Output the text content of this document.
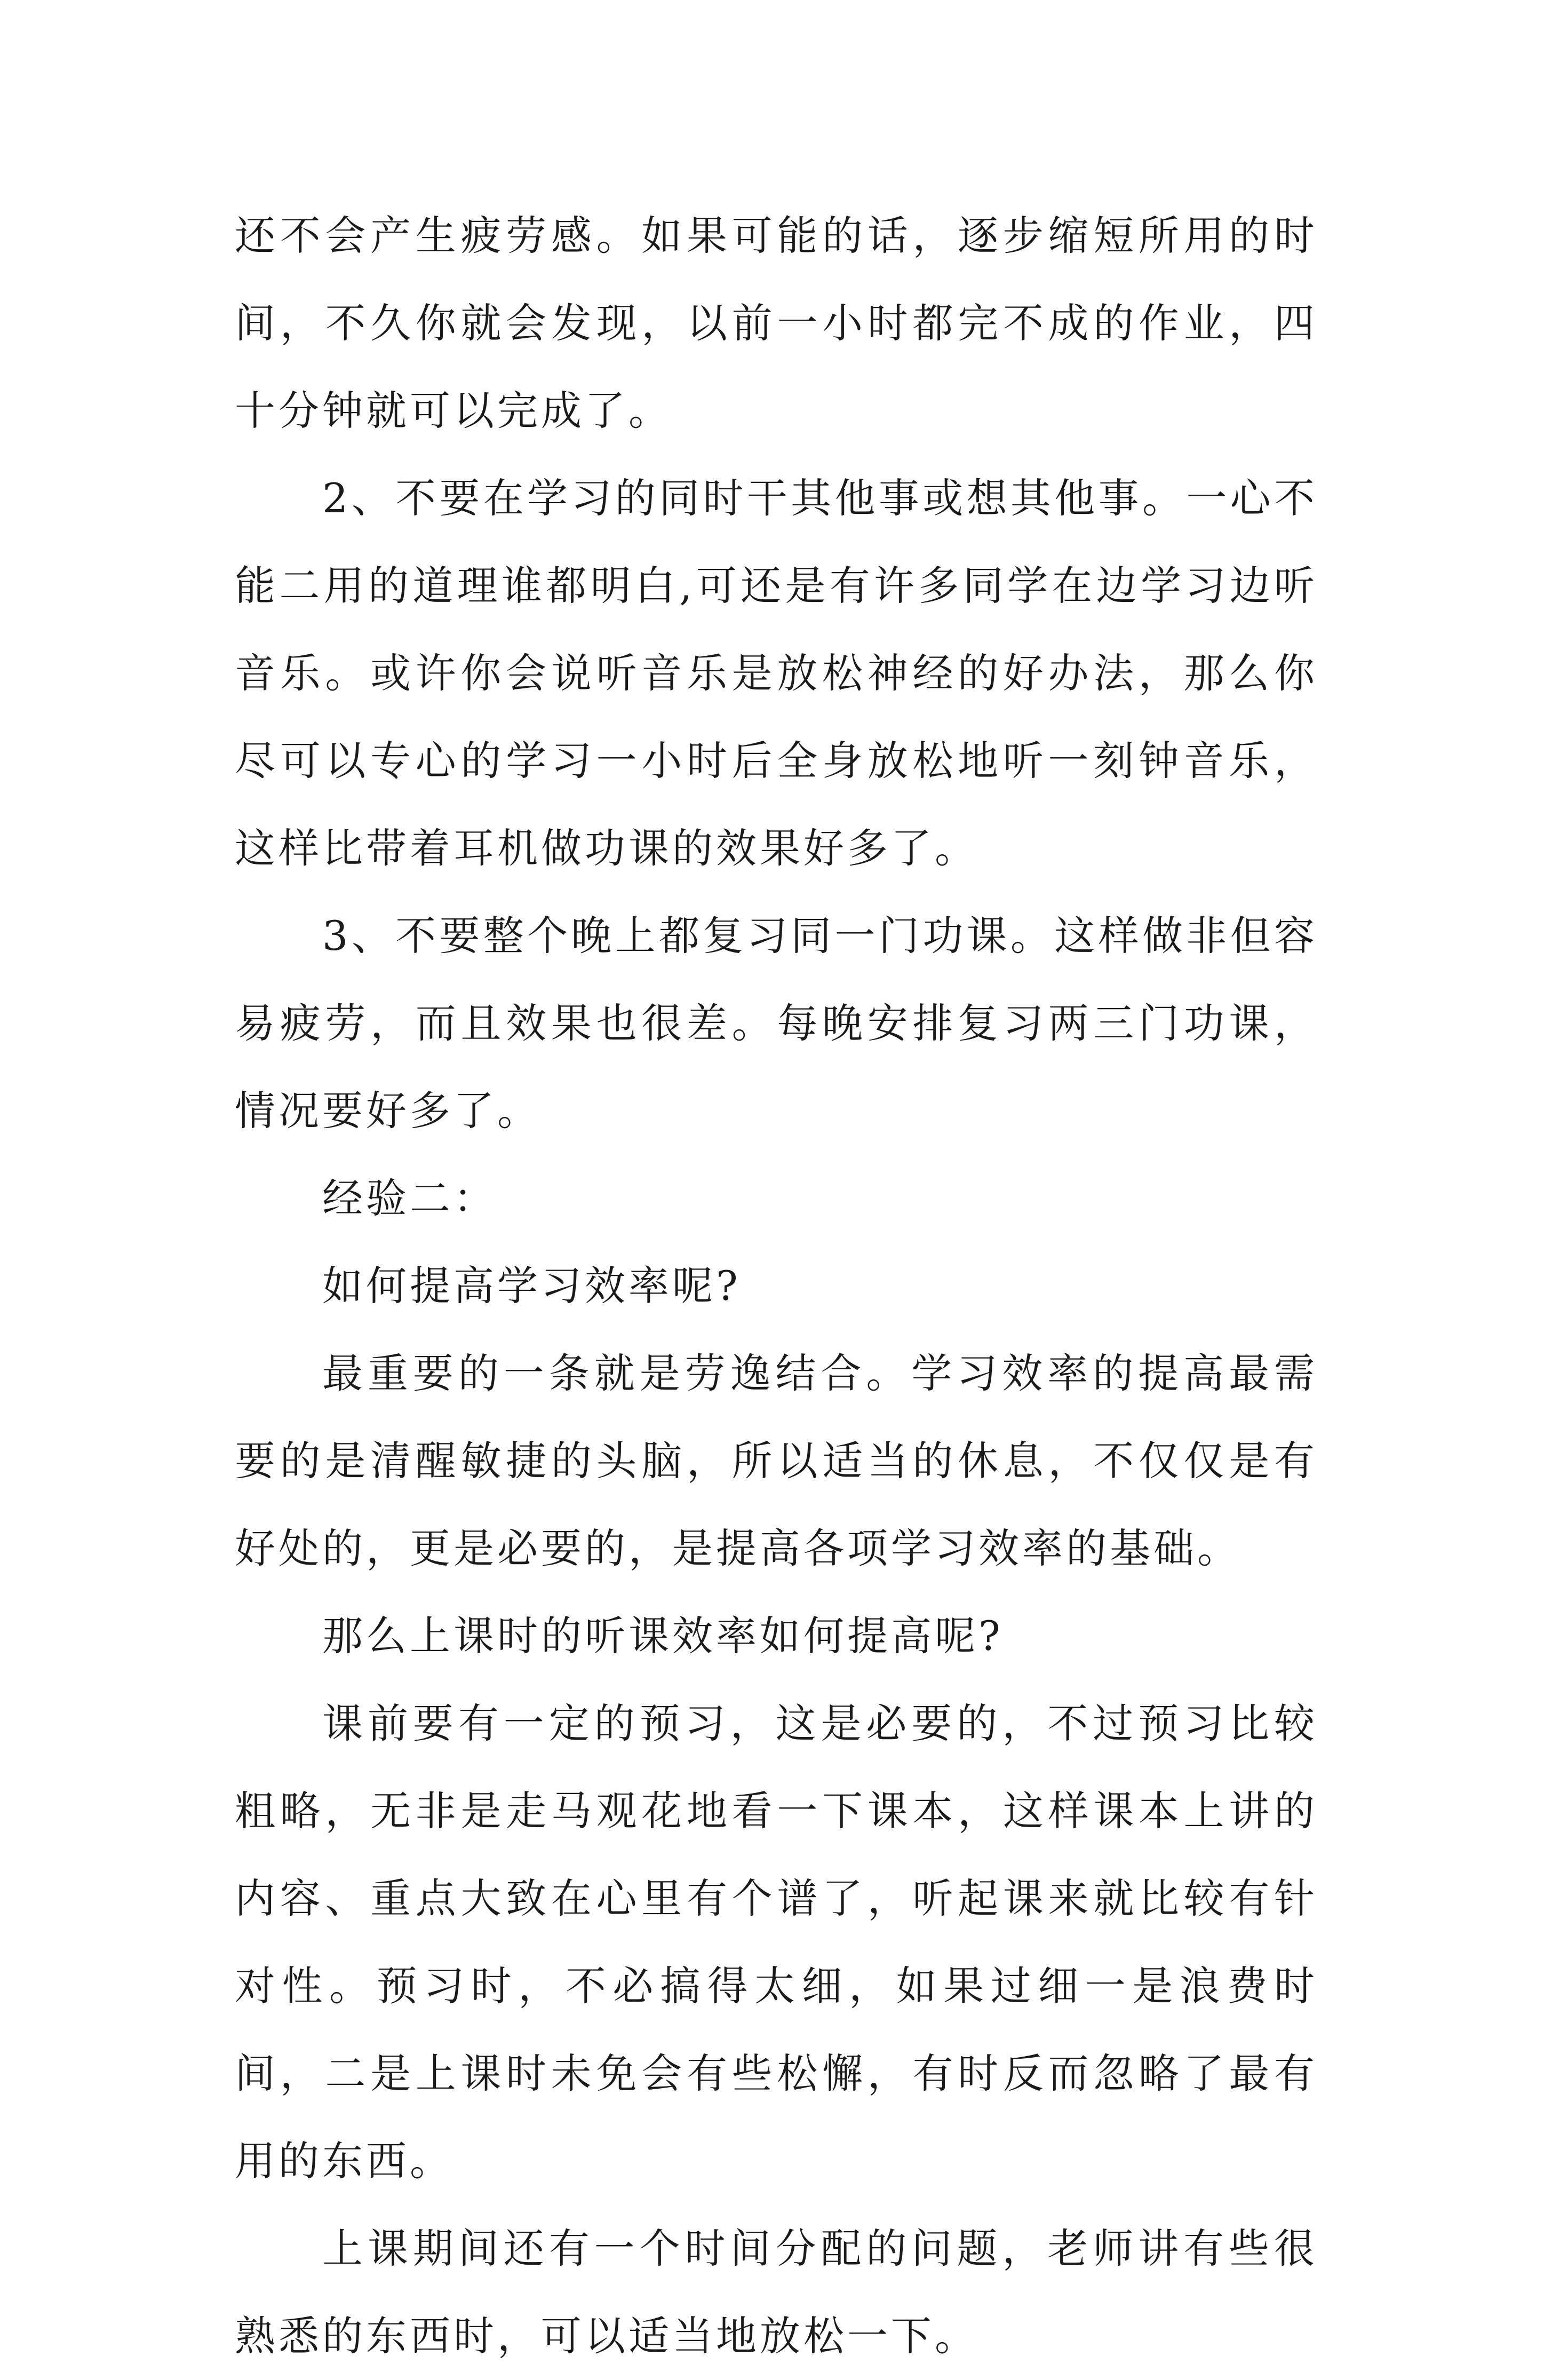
还不会产生疲劳感。如果可能的话，逐步缩短所用的时间，不久你就会发现，以前一小时都完不成的作业，四十分钟就可以完成了。

2、不要在学习的同时干其他事或想其他事。一心不能二用的道理谁都明白,可还是有许多同学在边学习边听音乐。或许你会说听音乐是放松神经的好办法，那么你尽可以专心的学习一小时后全身放松地听一刻钟音乐，这样比带着耳机做功课的效果好多了。

3、不要整个晚上都复习同一门功课。这样做非但容易疲劳，而且效果也很差。每晚安排复习两三门功课，情况要好多了。

经验二：

如何提高学习效率呢?

最重要的一条就是劳逸结合。学习效率的提高最需要的是清醒敏捷的头脑，所以适当的休息，不仅仅是有好处的，更是必要的，是提高各项学习效率的基础。

那么上课时的听课效率如何提高呢?

课前要有一定的预习，这是必要的，不过预习比较粗略，无非是走马观花地看一下课本，这样课本上讲的内容、重点大致在心里有个谱了，听起课来就比较有针对性。预习时，不必搞得太细，如果过细一是浪费时间，二是上课时未免会有些松懈，有时反而忽略了最有用的东西。

上课期间还有一个时间分配的问题，老师讲有些很熟悉的东西时，可以适当地放松一下。
